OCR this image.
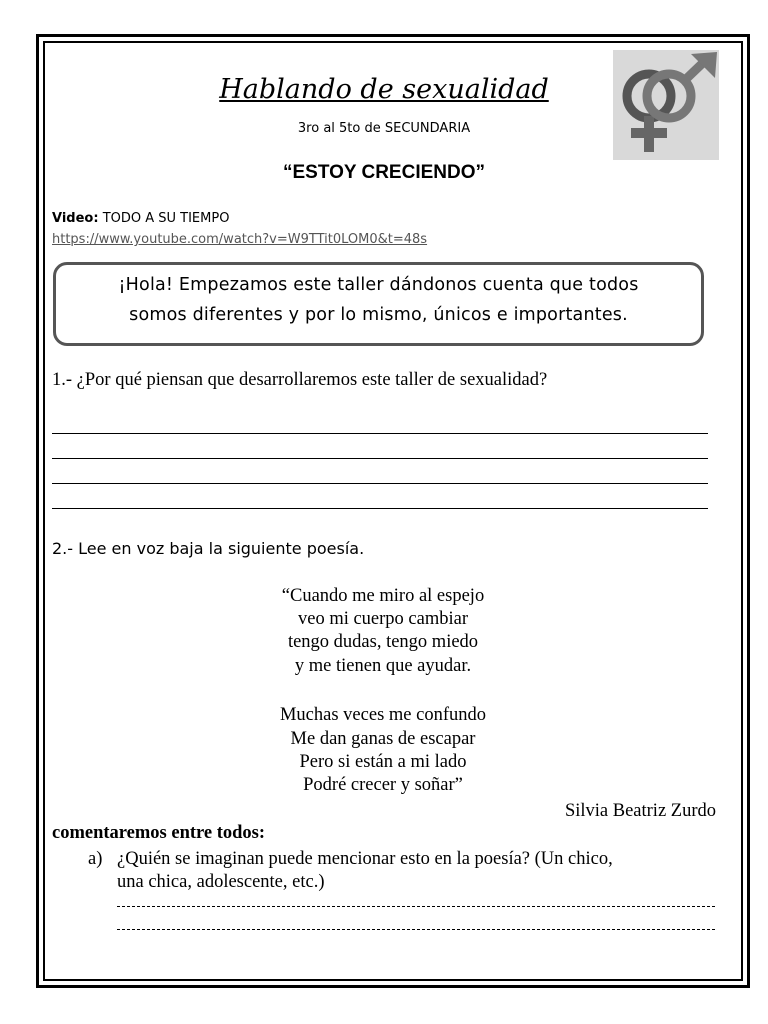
Hablando de sexualidad
3ro al 5to de SECUNDARIA
“ESTOY CRECIENDO”
Video: TODO A SU TIEMPO
https://www.youtube.com/watch?v=W9TTit0LOM0&t=48s
¡Hola! Empezamos este taller dándonos cuenta que todos
somos diferentes y por lo mismo, únicos e importantes.
1.- ¿Por qué piensan que desarrollaremos este taller de sexualidad?
2.- Lee en voz baja la siguiente poesía.
“Cuando me miro al espejo
veo mi cuerpo cambiar
tengo dudas, tengo miedo
y me tienen que ayudar.
Muchas veces me confundo
Me dan ganas de escapar
Pero si están a mi lado
Podré crecer y soñar”
Silvia Beatriz Zurdo
comentaremos entre todos:
a) ¿Quién se imaginan puede mencionar esto en la poesía? (Un chico,
una chica, adolescente, etc.)
